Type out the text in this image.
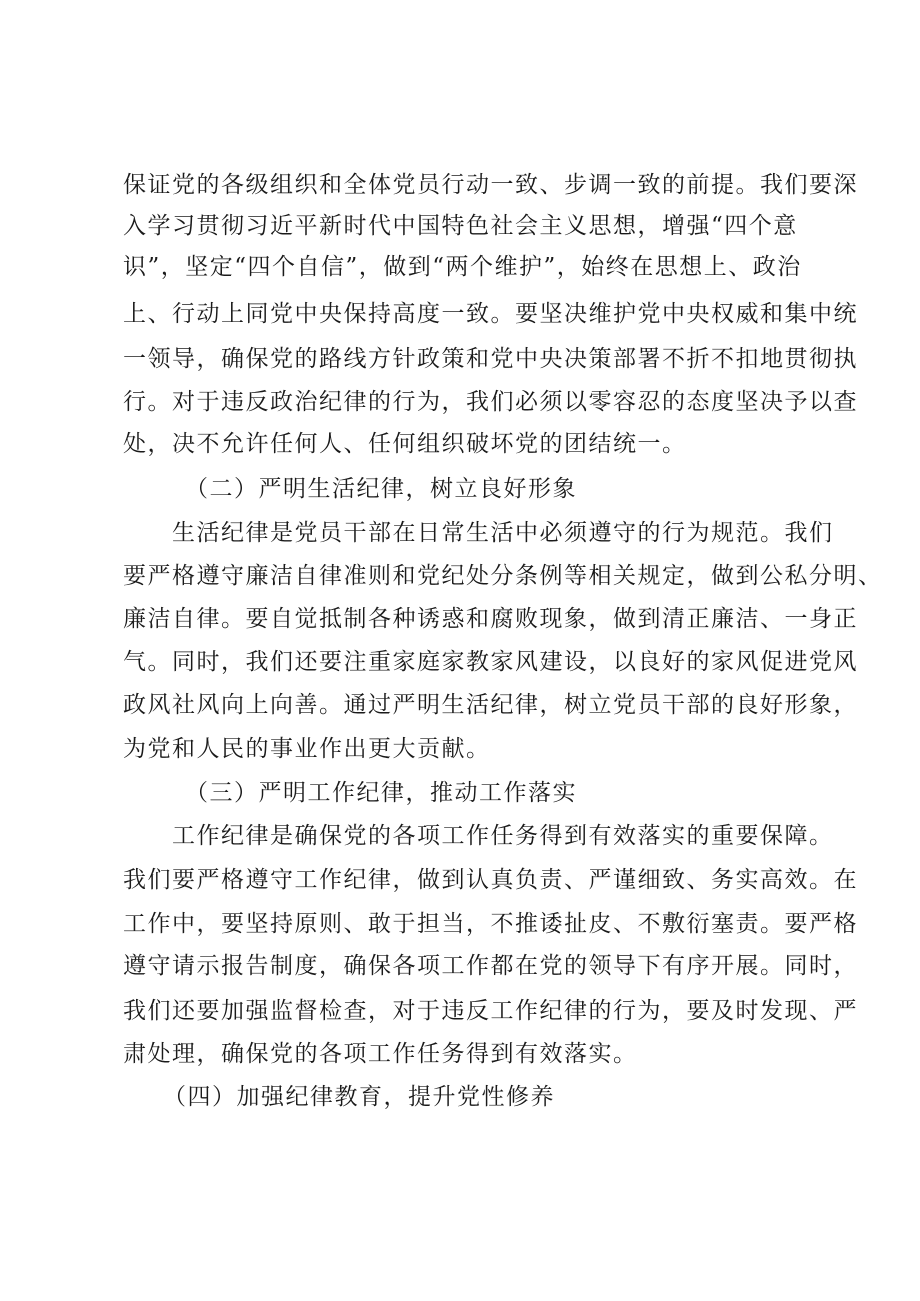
保证党的各级组织和全体党员行动一致、步调一致的前提。我们要深
入学习贯彻习近平新时代中国特色社会主义思想，增强“四个意
识”，坚定“四个自信”，做到“两个维护”，始终在思想上、政治
上、行动上同党中央保持高度一致。要坚决维护党中央权威和集中统
一领导，确保党的路线方针政策和党中央决策部署不折不扣地贯彻执
行。对于违反政治纪律的行为，我们必须以零容忍的态度坚决予以查
处，决不允许任何人、任何组织破坏党的团结统一。
（二）严明生活纪律，树立良好形象
生活纪律是党员干部在日常生活中必须遵守的行为规范。我们
要严格遵守廉洁自律准则和党纪处分条例等相关规定，做到公私分明、
廉洁自律。要自觉抵制各种诱惑和腐败现象，做到清正廉洁、一身正
气。同时，我们还要注重家庭家教家风建设，以良好的家风促进党风
政风社风向上向善。通过严明生活纪律，树立党员干部的良好形象，
为党和人民的事业作出更大贡献。
（三）严明工作纪律，推动工作落实
工作纪律是确保党的各项工作任务得到有效落实的重要保障。
我们要严格遵守工作纪律，做到认真负责、严谨细致、务实高效。在
工作中，要坚持原则、敢于担当，不推诿扯皮、不敷衍塞责。要严格
遵守请示报告制度，确保各项工作都在党的领导下有序开展。同时，
我们还要加强监督检查，对于违反工作纪律的行为，要及时发现、严
肃处理，确保党的各项工作任务得到有效落实。
（四）加强纪律教育，提升党性修养
